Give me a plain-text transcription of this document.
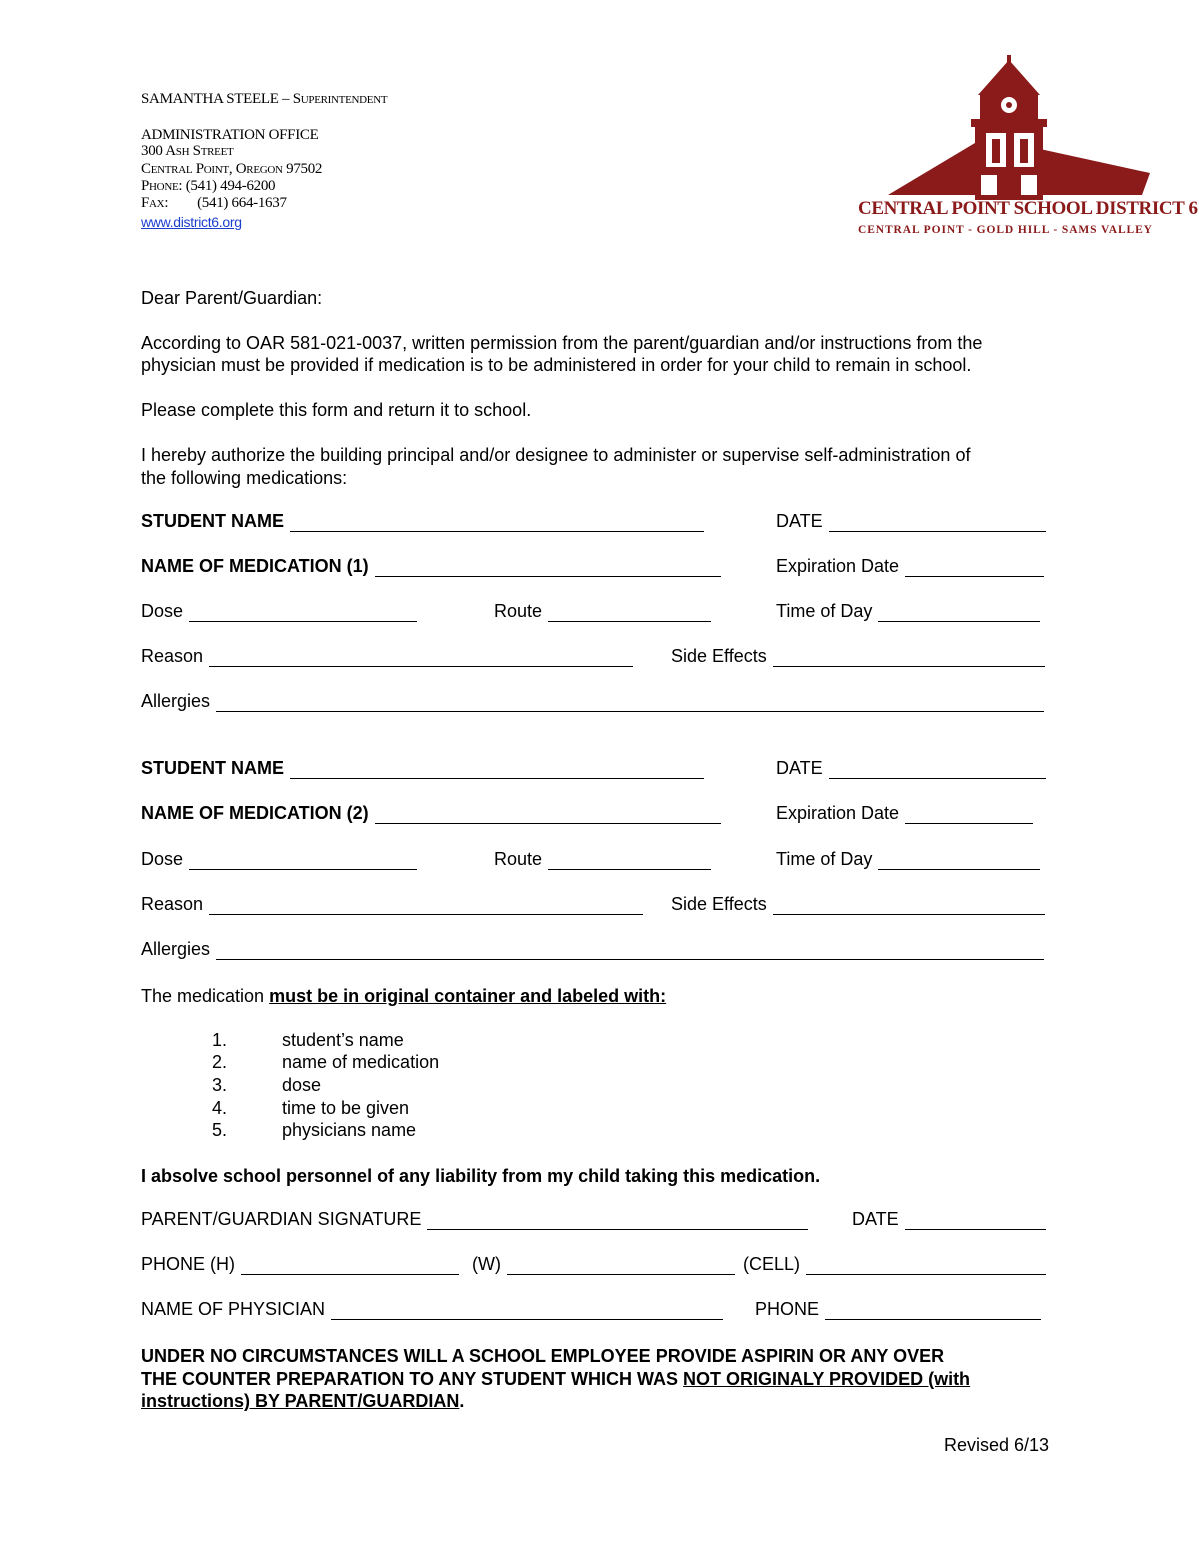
SAMANTHA STEELE – Superintendent
ADMINISTRATION OFFICE
300 Ash Street
Central Point, Oregon 97502
Phone: (541) 494-6200
Fax: (541) 664-1637
www.district6.org
CENTRAL POINT SCHOOL DISTRICT 6
CENTRAL POINT - GOLD HILL - SAMS VALLEY
Dear Parent/Guardian:
According to OAR 581-021-0037, written permission from the parent/guardian and/or instructions from the
physician must be provided if medication is to be administered in order for your child to remain in school.
Please complete this form and return it to school.
I hereby authorize the building principal and/or designee to administer or supervise self-administration of
the following medications:
STUDENT NAME	DATE
NAME OF MEDICATION (1)	Expiration Date
Dose	Route	Time of Day
Reason	Side Effects
Allergies
STUDENT NAME	DATE
NAME OF MEDICATION (2)	Expiration Date
Dose	Route	Time of Day
Reason	Side Effects
Allergies
The medication must be in original container and labeled with:
1.	student’s name
2.	name of medication
3.	dose
4.	time to be given
5.	physicians name
I absolve school personnel of any liability from my child taking this medication.
PARENT/GUARDIAN SIGNATURE	DATE
PHONE (H)	(W)	(CELL)
NAME OF PHYSICIAN	PHONE
UNDER NO CIRCUMSTANCES WILL A SCHOOL EMPLOYEE PROVIDE ASPIRIN OR ANY OVER
THE COUNTER PREPARATION TO ANY STUDENT WHICH WAS NOT ORIGINALY PROVIDED (with
instructions) BY PARENT/GUARDIAN.
Revised 6/13
